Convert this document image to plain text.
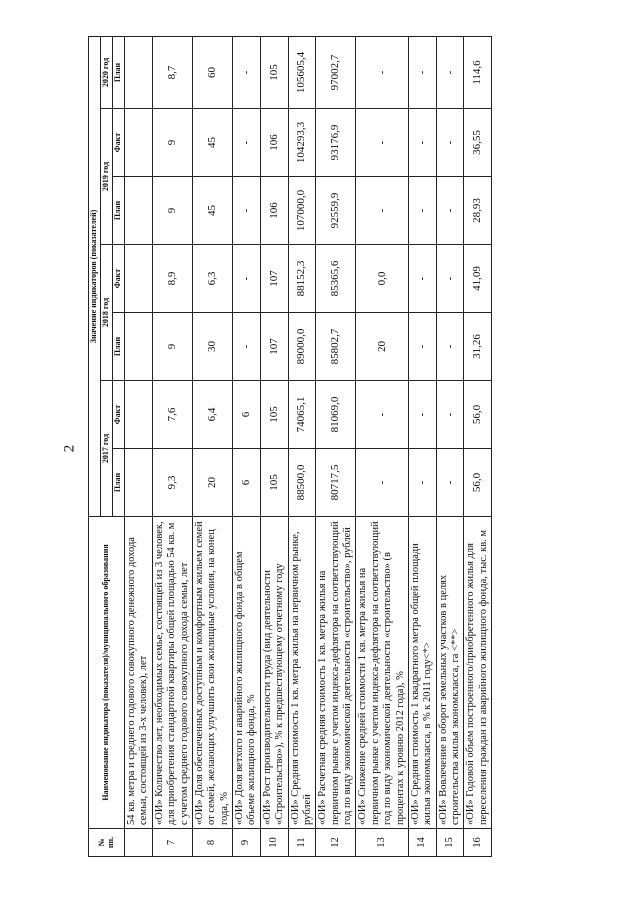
2
№ пп.	Наименование индикатора (показателя)/муниципального образования	Значение индикаторов (показателей)						
		2017 год		2018 год		2019 год		2020 год
		План	Факт	План	Факт	План	Факт	План
	54 кв. метра и среднего годового совокупного денежного дохода семьи, состоящей из 3-х человек), лет							
7	«ОИ» Количество лет, необходимых семье, состоящей из 3 человек, для приобретения стандартной квартиры общей площадью 54 кв. м с учетом среднего годового совокупного дохода семьи, лет	9,3	7,6	9	8,9	9	9	8,7
8	«ОИ» Доля обеспеченных доступным и комфортным жильем семей от семей, желающих улучшить свои жилищные условия, на конец года, %	20	6,4	30	6,3	45	45	60
9	«ОИ» Доля ветхого и аварийного жилищного фонда в общем объеме жилищного фонда, %	6	6	-	-	-	-	-
10	«ОИ» Рост производительности труда (вид деятельности «Строительство»), % к предшествующему отчетному году	105	105	107	107	106	106	105
11	«ОИ» Средняя стоимость 1 кв. метра жилья на первичном рынке, рублей	88500,0	74065,1	89000,0	88152,3	107000,0	104293,3	105605,4
12	«ОИ» Расчетная средняя стоимость 1 кв. метра жилья на первичном рынке с учетом индекса-дефлятора на соответствующий год по виду экономической деятельности «строительство», рублей	80717,5	81069,0	85802,7	85365,6	92559,9	93176,9	97002,7
13	«ОИ» Снижение средней стоимости 1 кв. метра жилья на первичном рынке с учетом индекса-дефлятора на соответствующий год по виду экономической деятельности «строительство» (в процентах к уровню 2012 года), %	-	-	20	0,0	-	-	-
14	«ОИ» Средняя стоимость 1 квадратного метра общей площади жилья экономкласса, в % к 2011 году<*>	-	-	-	-	-	-	-
15	«ОИ» Вовлечение в оборот земельных участков в целях строительства жилья экономкласса, га <**>	-	-	-	-	-	-	-
16	«ОИ» Годовой объем построенного/приобретенного жилья для переселения граждан из аварийного жилищного фонда, тыс. кв. м	56,0	56,0	31,26	41,09	28,93	36,55	114,6
